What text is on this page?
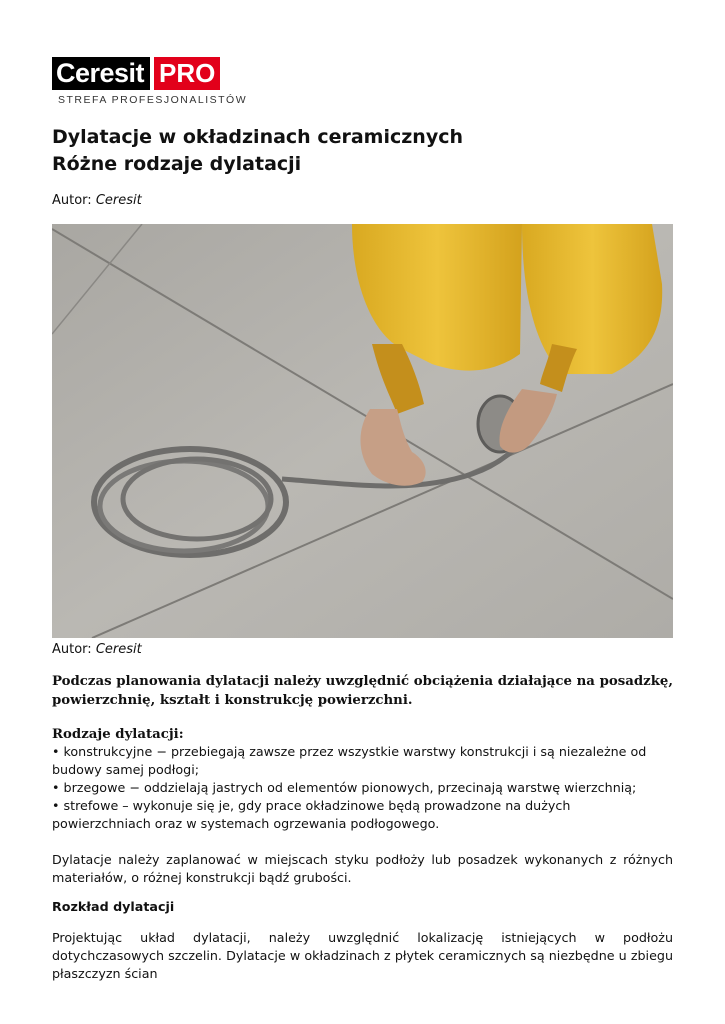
Ceresit PRO
STREFA PROFESJONALISTÓW
Dylatacje w okładzinach ceramicznych
Różne rodzaje dylatacji
Autor: Ceresit
Autor: Ceresit

Podczas planowania dylatacji należy uwzględnić obciążenia działające na posadzkę, powierzchnię, kształt i konstrukcję powierzchni.

Rodzaje dylatacji:
• konstrukcyjne − przebiegają zawsze przez wszystkie warstwy konstrukcji i są niezależne od budowy samej podłogi;
• brzegowe − oddzielają jastrych od elementów pionowych, przecinają warstwę wierzchnią;
• strefowe – wykonuje się je, gdy prace okładzinowe będą prowadzone na dużych powierzchniach oraz w systemach ogrzewania podłogowego.

Dylatacje należy zaplanować w miejscach styku podłoży lub posadzek wykonanych z różnych materiałów, o różnej konstrukcji bądź grubości.

Rozkład dylatacji

Projektując układ dylatacji, należy uwzględnić lokalizację istniejących w podłożu dotychczasowych szczelin. Dylatacje w okładzinach z płytek ceramicznych są niezbędne u zbiegu płaszczyzn ścian
